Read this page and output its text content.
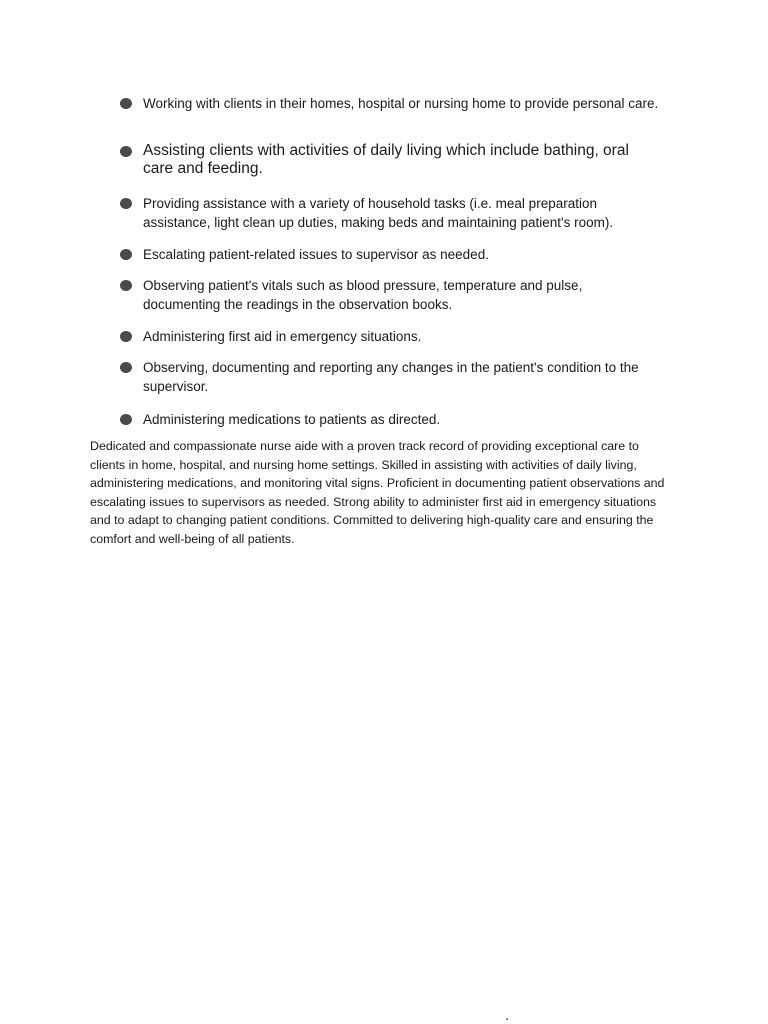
Working with clients in their homes, hospital or nursing home to provide personal care.
Assisting clients with activities of daily living which include bathing, oral care and feeding.
Providing assistance with a variety of household tasks (i.e. meal preparation assistance, light clean up duties, making beds and maintaining patient's room).
Escalating patient-related issues to supervisor as needed.
Observing patient's vitals such as blood pressure, temperature and pulse, documenting the readings in the observation books.
Administering first aid in emergency situations.
Observing, documenting and reporting any changes in the patient's condition to the supervisor.
Administering medications to patients as directed.

Dedicated and compassionate nurse aide with a proven track record of providing exceptional care to clients in home, hospital, and nursing home settings. Skilled in assisting with activities of daily living, administering medications, and monitoring vital signs. Proficient in documenting patient observations and escalating issues to supervisors as needed. Strong ability to administer first aid in emergency situations and to adapt to changing patient conditions. Committed to delivering high-quality care and ensuring the comfort and well-being of all patients.
